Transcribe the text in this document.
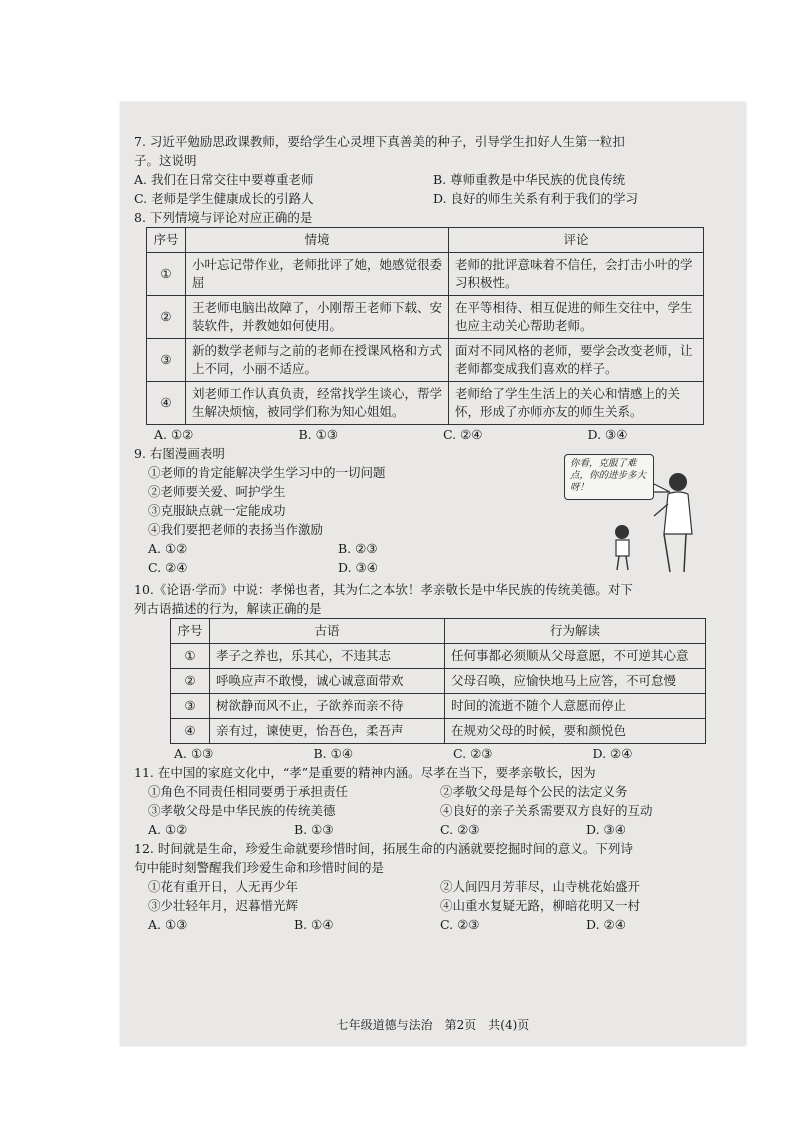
7. 习近平勉励思政课教师，要给学生心灵埋下真善美的种子，引导学生扣好人生第一粒扣

子。这说明

A. 我们在日常交往中要尊重老师	B. 尊师重教是中华民族的优良传统
C. 老师是学生健康成长的引路人	D. 良好的师生关系有利于我们的学习

8. 下列情境与评论对应正确的是

序号	情境	评论
①	小叶忘记带作业，老师批评了她，她感觉很委屈	老师的批评意味着不信任，会打击小叶的学习积极性。
②	王老师电脑出故障了，小刚帮王老师下载、安装软件，并教她如何使用。	在平等相待、相互促进的师生交往中，学生也应主动关心帮助老师。
③	新的数学老师与之前的老师在授课风格和方式上不同，小丽不适应。	面对不同风格的老师，要学会改变老师，让老师都变成我们喜欢的样子。
④	刘老师工作认真负责，经常找学生谈心，帮学生解决烦恼，被同学们称为知心姐姐。	老师给了学生生活上的关心和情感上的关怀，形成了亦师亦友的师生关系。
A. ①②	B. ①③	C. ②④	D. ③④

9. 右图漫画表明

①老师的肯定能解决学生学习中的一切问题
②老师要关爱、呵护学生
③克服缺点就一定能成功
④我们要把老师的表扬当作激励
A. ①②	B. ②③
C. ②④	D. ③④
你看，克服了难点，你的进步多大呀！

10.《论语·学而》中说：孝悌也者，其为仁之本欤！孝亲敬长是中华民族的传统美德。对下

列古语描述的行为，解读正确的是

序号	古语	行为解读
①	孝子之养也，乐其心，不违其志	任何事都必须顺从父母意愿，不可逆其心意
②	呼唤应声不敢慢，诚心诚意面带欢	父母召唤，应愉快地马上应答，不可怠慢
③	树欲静而风不止，子欲养而亲不待	时间的流逝不随个人意愿而停止
④	亲有过，谏使更，怡吾色，柔吾声	在规劝父母的时候，要和颜悦色
A. ①③	B. ①④	C. ②③	D. ②④

11. 在中国的家庭文化中，“孝”是重要的精神内涵。尽孝在当下，要孝亲敬长，因为

①角色不同责任相同要勇于承担责任	②孝敬父母是每个公民的法定义务
③孝敬父母是中华民族的传统美德	④良好的亲子关系需要双方良好的互动
A. ①②	B. ①③	C. ②③	D. ③④

12. 时间就是生命，珍爱生命就要珍惜时间，拓展生命的内涵就要挖掘时间的意义。下列诗

句中能时刻警醒我们珍爱生命和珍惜时间的是

①花有重开日，人无再少年	②人间四月芳菲尽，山寺桃花始盛开
③少壮轻年月，迟暮惜光辉	④山重水复疑无路，柳暗花明又一村
A. ①③	B. ①④	C. ②③	D. ②④
七年级道德与法治　第2页　共(4)页
